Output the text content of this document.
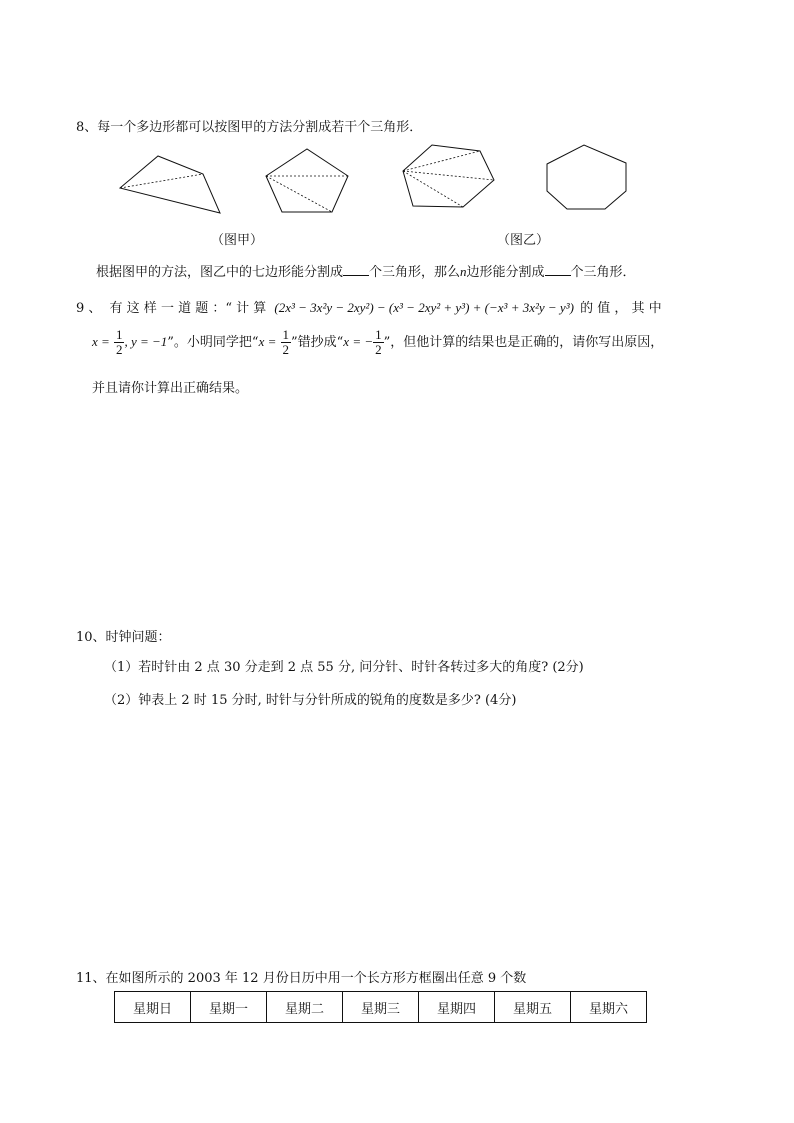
8、每一个多边形都可以按图甲的方法分割成若干个三角形．
（图甲）	（图乙）
根据图甲的方法，图乙中的七边形能分割成 个三角形，那么n边形能分割成 个三角形．
9 、 有 这 样 一 道 题 ：“ 计 算 (2x³ − 3x²y − 2xy²) − (x³ − 2xy² + y³) + (−x³ + 3x²y − y³) 的 值 ， 其 中
$x = \frac{1}{2}$ , y = −1”。小明同学把“$x = \frac{1}{2}$ ”错抄成“x = − $\frac{1}{2}$ ”，但他计算的结果也是正确的，请你写出原因，
并且请你计算出正确结果。
10、时钟问题：
（1）若时针由 2 点 30 分走到 2 点 55 分, 问分针、时针各转过多大的角度? (2分)
（2）钟表上 2 时 15 分时, 时针与分针所成的锐角的度数是多少? (4分)
11、在如图所示的 2003 年 12 月份日历中用一个长方形方框圈出任意 9 个数
星期日	星期一	星期二	星期三	星期四	星期五	星期六
